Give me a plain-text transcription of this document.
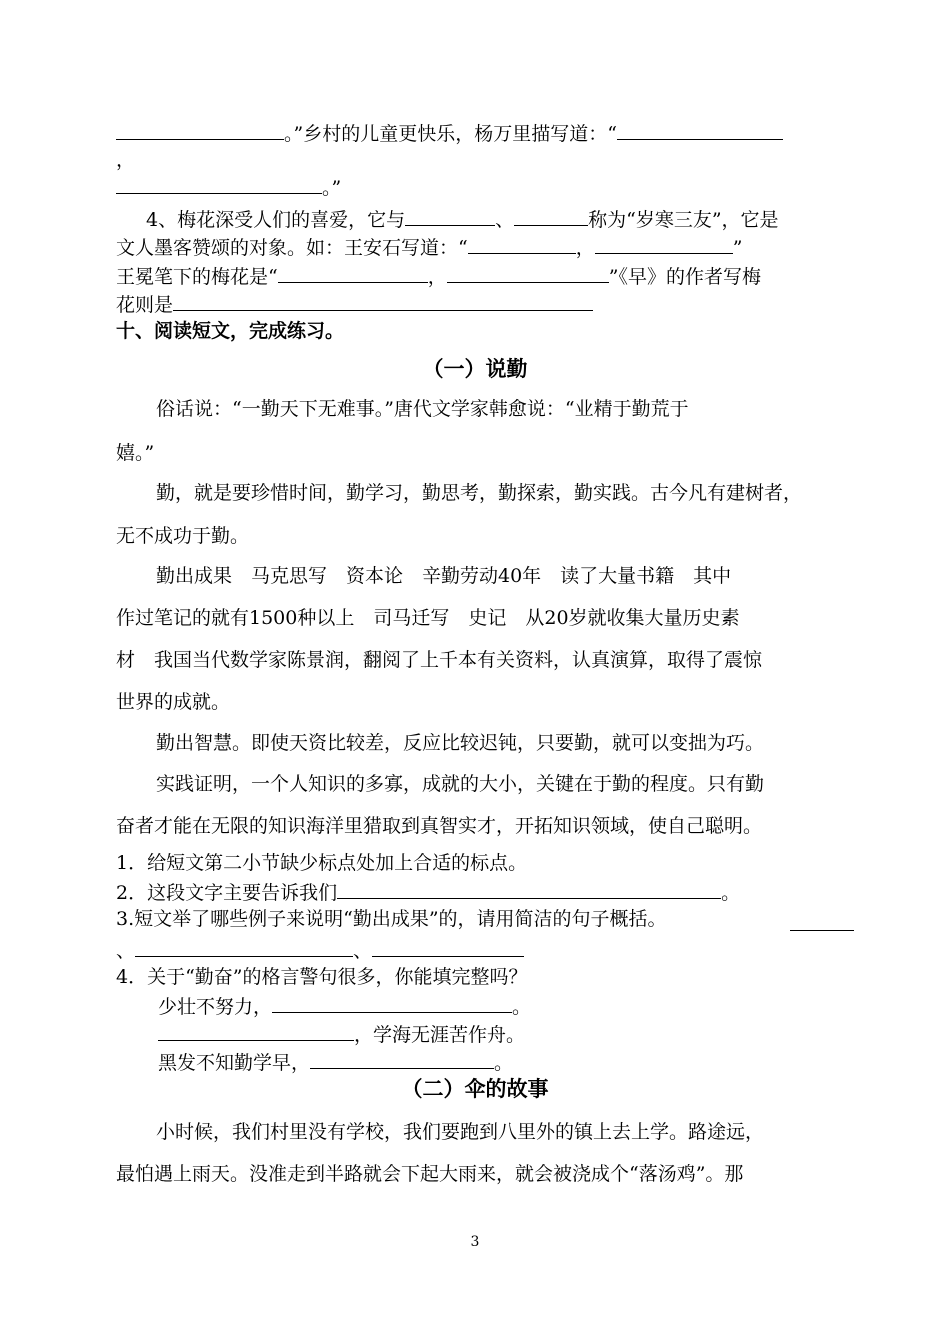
。”乡村的儿童更快乐，杨万里描写道：“
，
。”
4、梅花深受人们的喜爱，它与	、	称为“岁寒三友”，它是
文人墨客赞颂的对象。如：王安石写道：“	，	”
王冕笔下的梅花是“	，	”《早》的作者写梅
花则是
十、阅读短文，完成练习。
（一）说勤
俗话说：“一勤天下无难事。”唐代文学家韩愈说：“业精于勤荒于
嬉。”
勤，就是要珍惜时间，勤学习，勤思考，勤探索，勤实践。古今凡有建树者，
无不成功于勤。
勤出成果　马克思写　资本论　辛勤劳动40年　读了大量书籍　其中
作过笔记的就有1500种以上　司马迁写　史记　从20岁就收集大量历史素
材　我国当代数学家陈景润，翻阅了上千本有关资料，认真演算，取得了震惊
世界的成就。
勤出智慧。即使天资比较差，反应比较迟钝，只要勤，就可以变拙为巧。
实践证明，一个人知识的多寡，成就的大小，关键在于勤的程度。只有勤
奋者才能在无限的知识海洋里猎取到真智实才，开拓知识领域，使自己聪明。
1．给短文第二小节缺少标点处加上合适的标点。
2．这段文字主要告诉我们	。
3.短文举了哪些例子来说明“勤出成果”的，请用简洁的句子概括。
、	、
4．关于“勤奋”的格言警句很多，你能填完整吗？
少壮不努力，	。
，学海无涯苦作舟。
黑发不知勤学早，	。
（二）伞的故事
小时候，我们村里没有学校，我们要跑到八里外的镇上去上学。路途远，
最怕遇上雨天。没准走到半路就会下起大雨来，就会被浇成个“落汤鸡”。那
3
